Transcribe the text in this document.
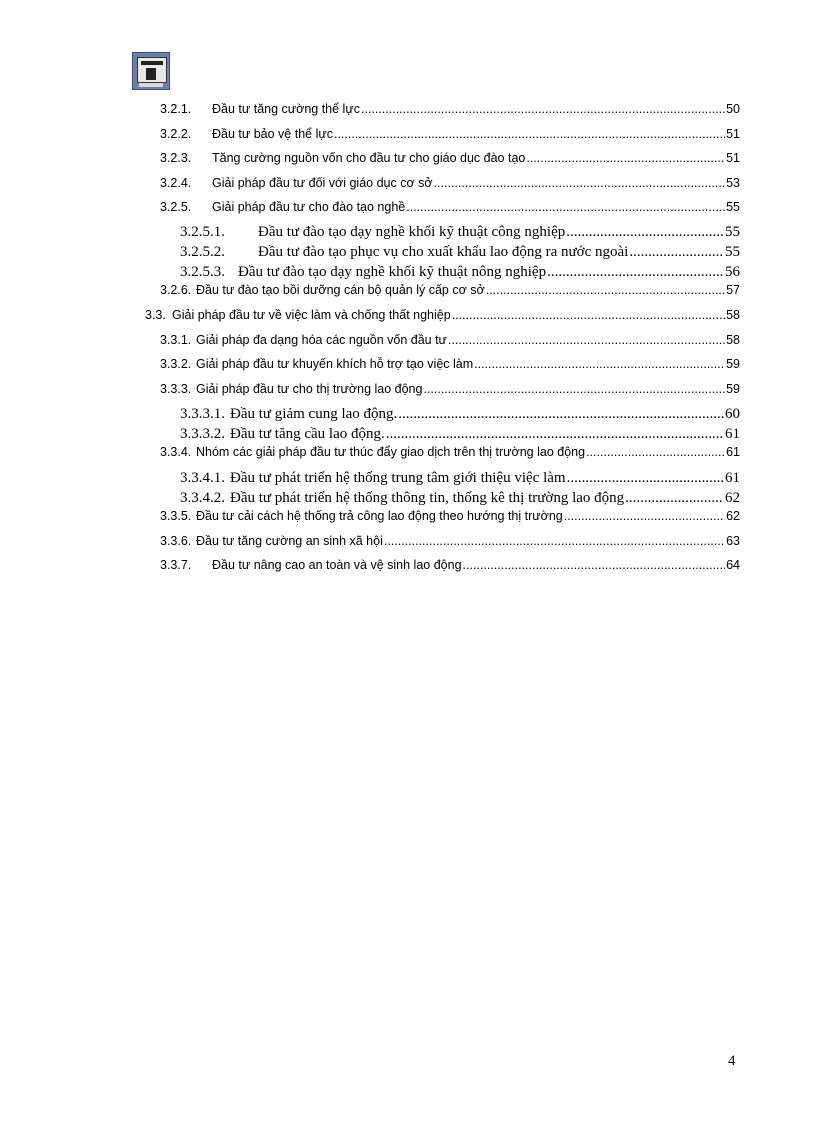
3.2.1.	Đầu tư tăng cường thể lực .....	50
3.2.2.	Đầu tư bảo vệ thể lực .....	51
3.2.3.	Tăng cường nguồn vốn cho đầu tư cho giáo dục đào tạo .....	51
3.2.4.	Giải pháp đầu tư đối với giáo dục cơ sở .....	53
3.2.5.	Giải pháp đầu tư cho đào tạo nghề .....	55
3.2.5.1.	Đầu tư đào tạo dạy nghề khối kỹ thuật công nghiệp .....	55
3.2.5.2.	Đầu tư đào tạo phục vụ cho xuất khẩu lao động ra nước ngoài .....	55
3.2.5.3. Đầu tư đào tạo dạy nghề khối kỹ thuật nông nghiệp .....	56
3.2.6. Đầu tư đào tạo bồi dưỡng cán bộ quản lý cấp cơ sở .....	57
3.3. Giải pháp đầu tư về việc làm và chống thất nghiệp .....	58
3.3.1. Giải pháp đa dạng hóa các nguồn vốn đầu tư .....	58
3.3.2. Giải pháp đầu tư khuyến khích hỗ trợ tạo việc làm .....	59
3.3.3. Giải pháp đầu tư cho thị trường lao động .....	59
3.3.3.1. Đầu tư giảm cung lao động. .....	60
3.3.3.2. Đầu tư tăng cầu lao động. .....	61
3.3.4. Nhóm các giải pháp đầu tư thúc đẩy giao dịch trên thị trường lao động .....	61
3.3.4.1. Đầu tư phát triển hệ thống trung tâm giới thiệu việc làm .....	61
3.3.4.2. Đầu tư phát triển hệ thống thông tin, thống kê thị trường lao động .....	62
3.3.5. Đầu tư cải cách hệ thống trả công lao động theo hướng thị trường .....	62
3.3.6. Đầu tư tăng cường an sinh xã hội .....	63
3.3.7.	Đầu tư nâng cao an toàn và vệ sinh lao động .....	64
4
